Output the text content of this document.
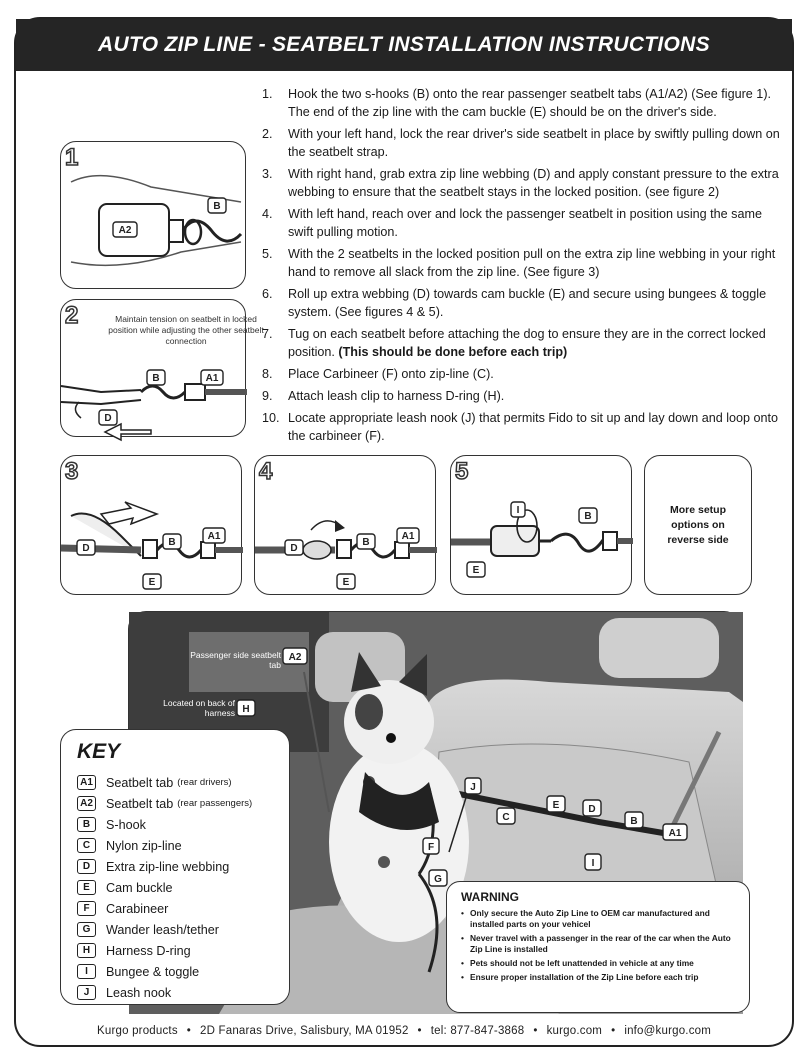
AUTO ZIP LINE - SEATBELT INSTALLATION INSTRUCTIONS
1.	Hook the two s-hooks (B) onto the rear passenger seatbelt tabs (A1/A2) (See figure 1). The end of the zip line with the cam buckle (E) should be on the driver's side.
2.	With your left hand, lock the rear driver's side seatbelt in place by swiftly pulling down on the seatbelt strap.
3.	With right hand, grab extra zip line webbing (D) and apply constant pressure to the extra webbing to ensure that the seatbelt stays in the locked position. (see figure 2)
4.	With left hand, reach over and lock the passenger seatbelt in position using the same swift pulling motion.
5.	With the 2 seatbelts in the locked position pull on the extra zip line webbing in your right hand to remove all slack from the zip line. (See figure 3)
6.	Roll up extra webbing (D) towards cam buckle (E) and secure using bungees & toggle system. (See figures 4 & 5).
7.	Tug on each seatbelt before attaching the dog to ensure they are in the correct locked position. (This should be done before each trip)
8.	Place Carbineer (F) onto zip-line (C).
9.	Attach leash clip to harness D-ring (H).
10. Locate appropriate leash nook (J) that permits Fido to sit up and lay down and loop onto the carbineer (F).
1
A2
B
2	Maintain tension on seatbelt in locked position while adjusting the other seatbelt connection
B	A1
D
3
D
B
A1
E
4
D
B
A1
E
5
I
B
E
More setup options on reverse side
A2
H
J
C
E	D
B
A1
F
G
I
Passenger side seatbelt tab
Located on back of harness
KEY
A1 Seatbelt tab (rear drivers)
A2 Seatbelt tab (rear passengers)
B	S-hook
C	Nylon zip-line
D	Extra zip-line webbing
E	Cam buckle
F	Carabineer
G	Wander leash/tether
H	Harness D-ring
I	Bungee & toggle
J	Leash nook
WARNING
• Only secure the Auto Zip Line to OEM car manufactured and installed parts on your vehicel
• Never travel with a passenger in the rear of the car when the Auto Zip Line is installed
• Pets should not be left unattended in vehicle at any time
• Ensure proper installation of the Zip Line before each trip
Kurgo products • 2D Fanaras Drive, Salisbury, MA 01952 • tel: 877-847-3868 • kurgo.com • info@kurgo.com
